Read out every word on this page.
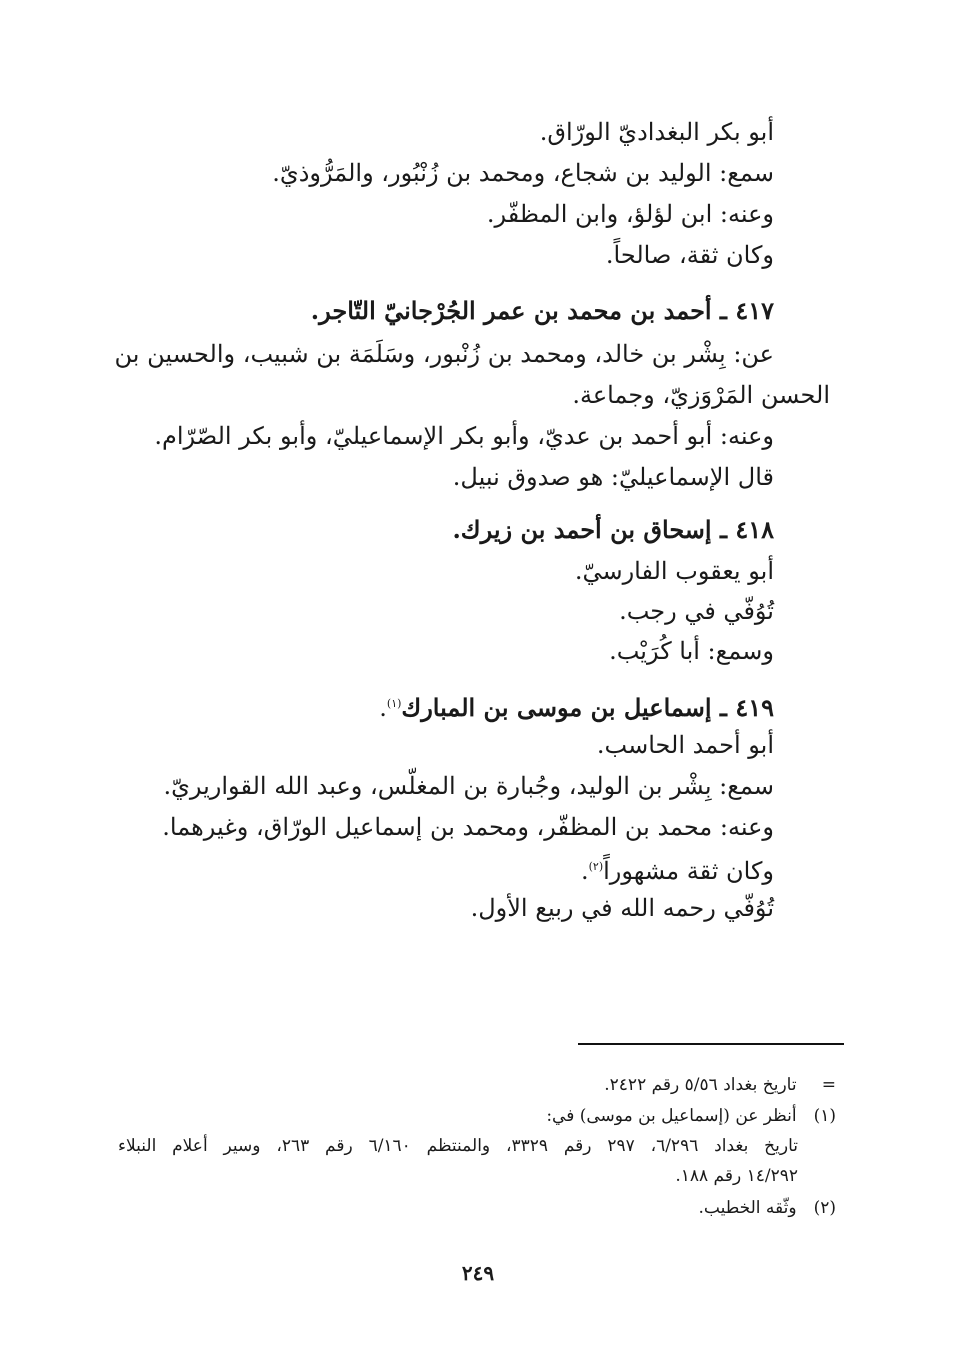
أبو بكر البغداديّ الورّاق.
سمع: الوليد بن شجاع، ومحمد بن زُنْبُور، والمَرُّوذيّ.
وعنه: ابن لؤلؤ، وابن المظفّر.
وكان ثقة، صالحاً.
٤١٧ ـ أحمد بن محمد بن عمر الجُرْجانيّ التّاجر.
عن: بِشْر بن خالد، ومحمد بن زُنْبور، وسَلَمَة بن شبيب، والحسين بن
الحسن المَرْوَزيّ، وجماعة.
وعنه: أبو أحمد بن عديّ، وأبو بكر الإسماعيليّ، وأبو بكر الصّرّام.
قال الإسماعيليّ: هو صدوق نبيل.
٤١٨ ـ إسحاق بن أحمد بن زيرك.
أبو يعقوب الفارسيّ.
تُوُفّي في رجب.
وسمع: أبا كُرَيْب.
٤١٩ ـ إسماعيل بن موسى بن المبارك$^{(١)}$.
أبو أحمد الحاسب.
سمع: بِشْر بن الوليد، وجُبارة بن المغلّس، وعبد الله القواريريّ.
وعنه: محمد بن المظفّر، ومحمد بن إسماعيل الورّاق، وغيرهما.
وكان ثقة مشهوراً$^{(٢)}$.
تُوُفّي رحمه الله في ربيع الأول.
= تاريخ بغداد ٥/٥٦ رقم ٢٤٢٢.
(١) أنظر عن (إسماعيل بن موسى) في:
تاريخ بغداد ٦/٢٩٦، ٢٩٧ رقم ٣٣٢٩، والمنتظم ٦/١٦٠ رقم ٢٦٣، وسير أعلام النبلاء
١٤/٢٩٢ رقم ١٨٨.
(٢) وثّقه الخطيب.
٢٤٩
